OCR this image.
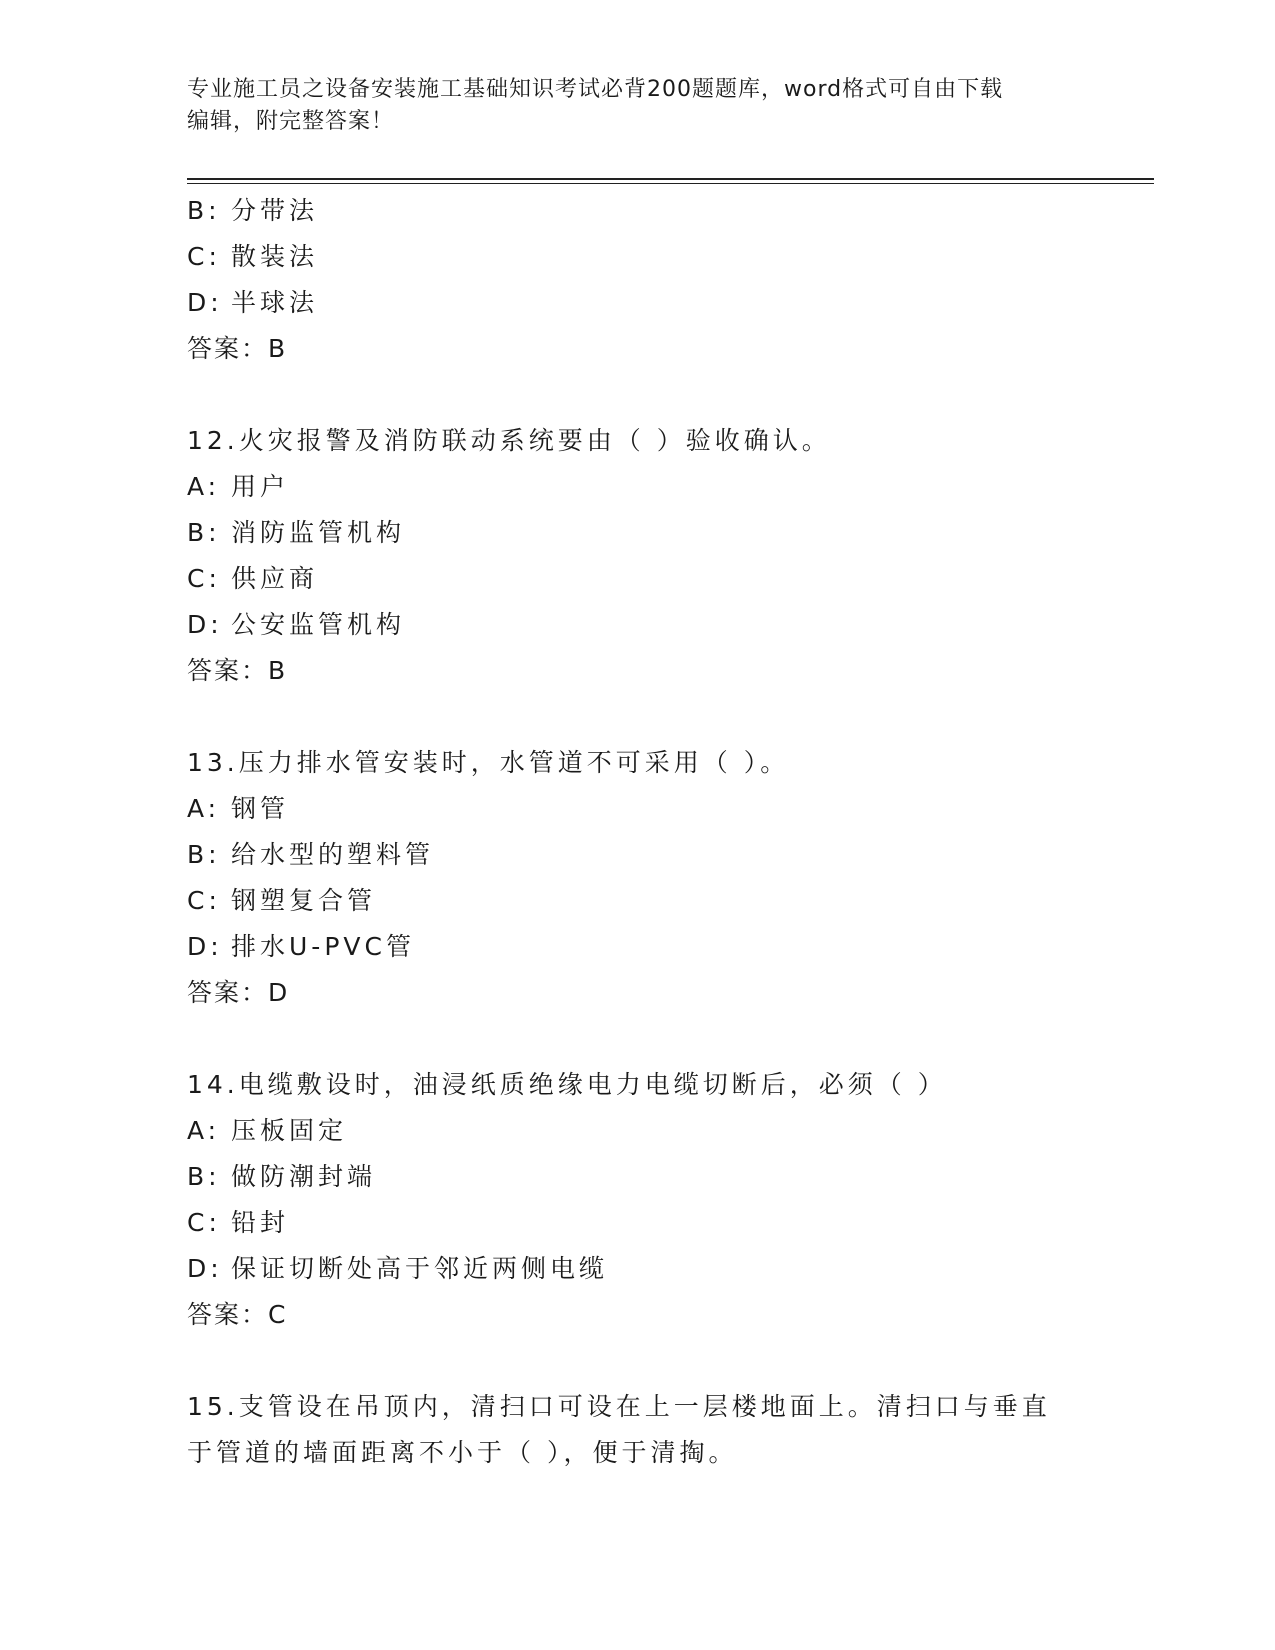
专业施工员之设备安装施工基础知识考试必背200题题库，word格式可自由下载
编辑，附完整答案！
B: 分带法
C: 散装法
D: 半球法
答案：B
12.火灾报警及消防联动系统要由（ ）验收确认。
A: 用户
B: 消防监管机构
C: 供应商
D: 公安监管机构
答案：B
13.压力排水管安装时，水管道不可采用（ ）。
A: 钢管
B: 给水型的塑料管
C: 钢塑复合管
D: 排水U-PVC管
答案：D
14.电缆敷设时，油浸纸质绝缘电力电缆切断后，必须（ ）
A: 压板固定
B: 做防潮封端
C: 铅封
D: 保证切断处高于邻近两侧电缆
答案：C
15.支管设在吊顶内，清扫口可设在上一层楼地面上。清扫口与垂直于管道的墙面距离不小于（ ），便于清掏。
